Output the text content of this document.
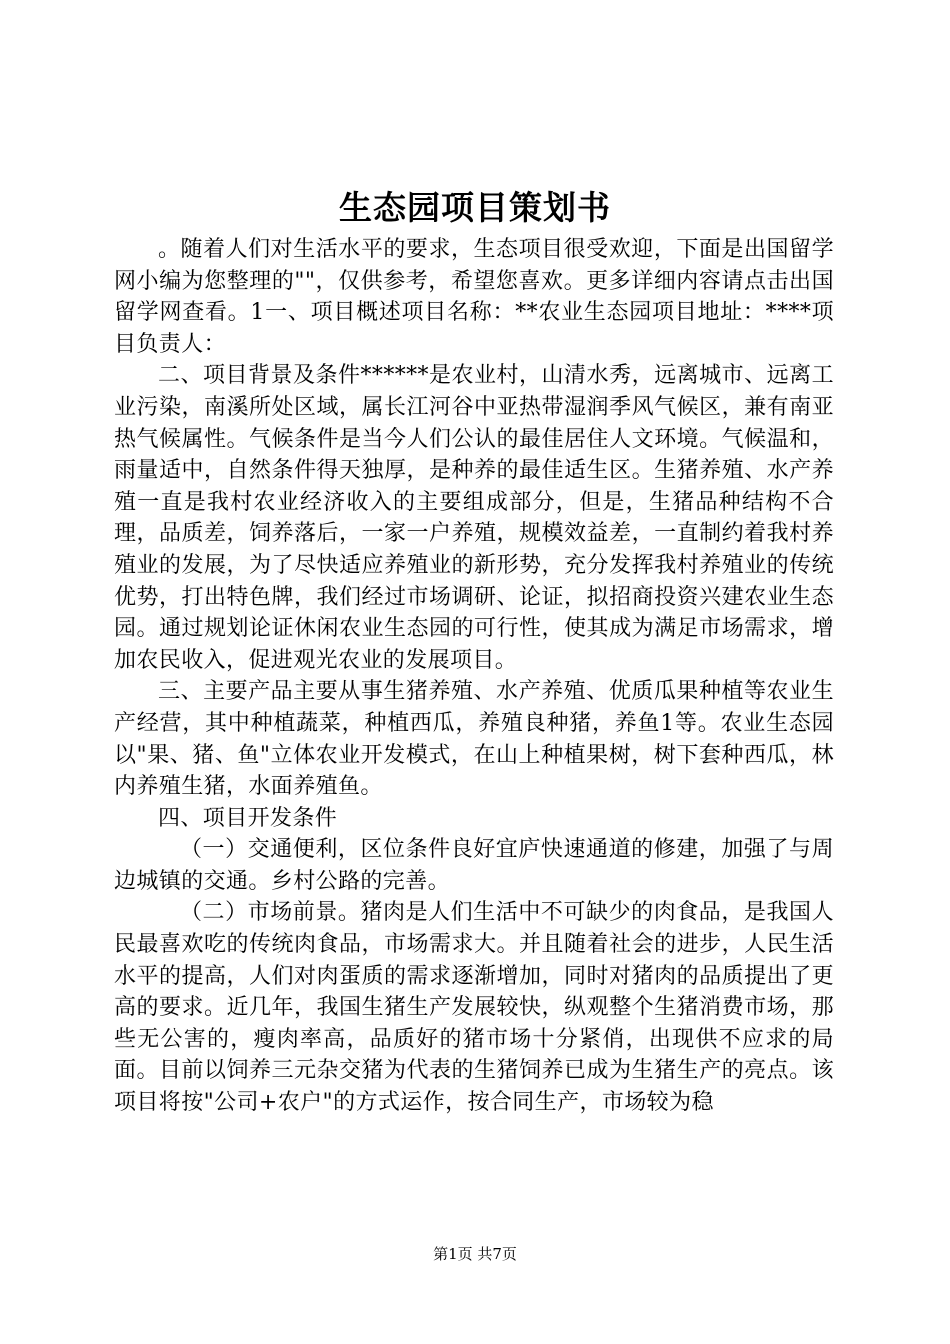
生态园项目策划书

。随着人们对生活水平的要求，生态项目很受欢迎，下面是出国留学网小编为您整理的""，仅供参考，希望您喜欢。更多详细内容请点击出国留学网查看。1一、项目概述项目名称：**农业生态园项目地址：****项目负责人：

二、项目背景及条件******是农业村，山清水秀，远离城市、远离工业污染，南溪所处区域，属长江河谷中亚热带湿润季风气候区，兼有南亚热气候属性。气候条件是当今人们公认的最佳居住人文环境。气候温和，雨量适中，自然条件得天独厚，是种养的最佳适生区。生猪养殖、水产养殖一直是我村农业经济收入的主要组成部分，但是，生猪品种结构不合理，品质差，饲养落后，一家一户养殖，规模效益差，一直制约着我村养殖业的发展，为了尽快适应养殖业的新形势，充分发挥我村养殖业的传统优势，打出特色牌，我们经过市场调研、论证，拟招商投资兴建农业生态园。通过规划论证休闲农业生态园的可行性，使其成为满足市场需求，增加农民收入，促进观光农业的发展项目。

三、主要产品主要从事生猪养殖、水产养殖、优质瓜果种植等农业生产经营，其中种植蔬菜，种植西瓜，养殖良种猪，养鱼1等。农业生态园以"果、猪、鱼"立体农业开发模式，在山上种植果树，树下套种西瓜，林内养殖生猪，水面养殖鱼。

四、项目开发条件

（一）交通便利，区位条件良好宜庐快速通道的修建，加强了与周边城镇的交通。乡村公路的完善。

（二）市场前景。猪肉是人们生活中不可缺少的肉食品，是我国人民最喜欢吃的传统肉食品，市场需求大。并且随着社会的进步，人民生活水平的提高，人们对肉蛋质的需求逐渐增加，同时对猪肉的品质提出了更高的要求。近几年，我国生猪生产发展较快，纵观整个生猪消费市场，那些无公害的，瘦肉率高，品质好的猪市场十分紧俏，出现供不应求的局面。目前以饲养三元杂交猪为代表的生猪饲养已成为生猪生产的亮点。该项目将按"公司+农户"的方式运作，按合同生产，市场较为稳

第1页 共7页
